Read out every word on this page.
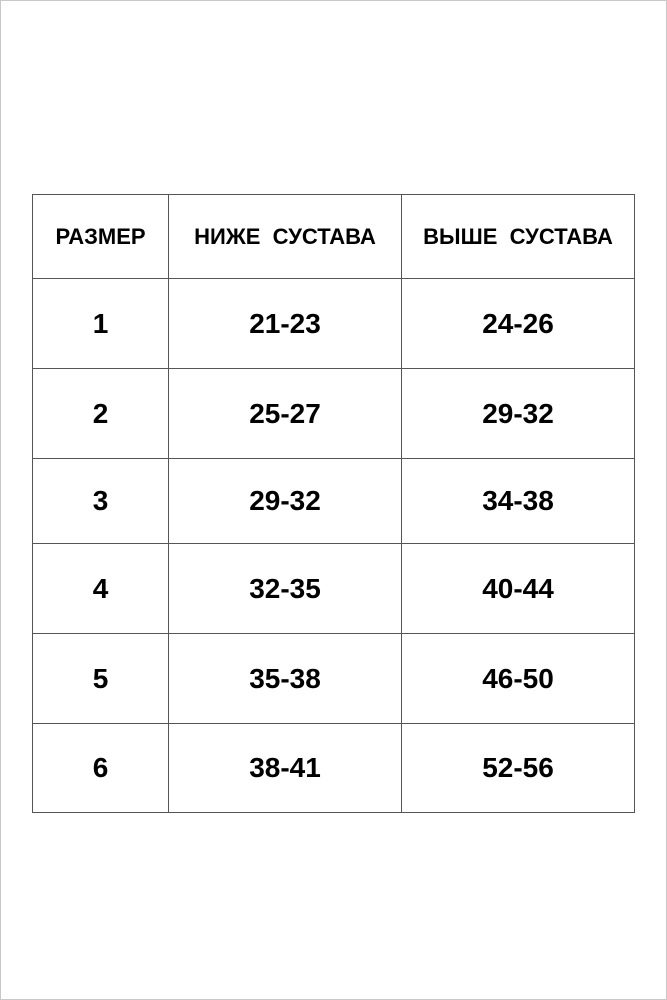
РАЗМЕР	НИЖЕ  СУСТАВА	ВЫШЕ  СУСТАВА
1	21-23	24-26
2	25-27	29-32
3	29-32	34-38
4	32-35	40-44
5	35-38	46-50
6	38-41	52-56
